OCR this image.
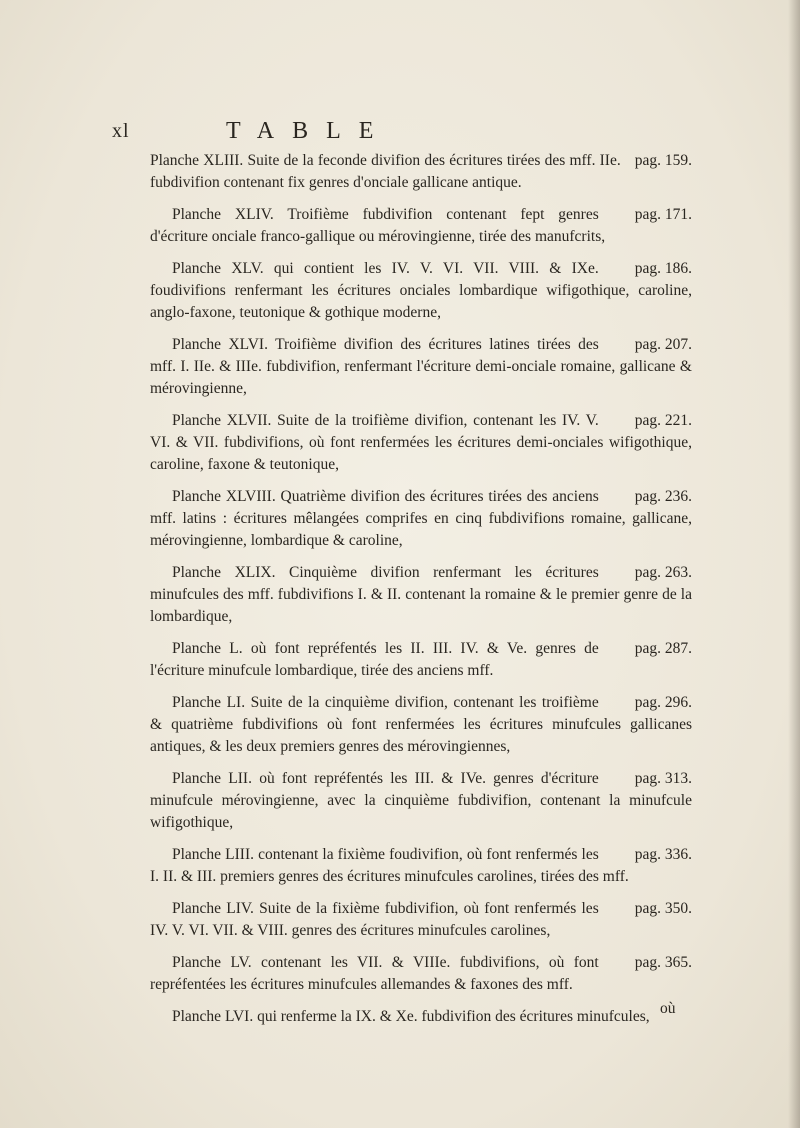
xl	TABLE

pag. 159.
Planche XLIII. Suite de la feconde divifion des écritures tirées des mff. IIe. fubdivifion contenant fix genres d'onciale gallicane antique.

pag. 171.
Planche XLIV. Troifième fubdivifion contenant fept genres d'écriture onciale franco-gallique ou mérovingienne, tirée des manufcrits,

pag. 186.
Planche XLV. qui contient les IV. V. VI. VII. VIII. & IXe. foudivifions renfermant les écritures onciales lombardique wifigothique, caroline, anglo-faxone, teutonique & gothique moderne,

pag. 207.
Planche XLVI. Troifième divifion des écritures latines tirées des mff. I. IIe. & IIIe. fubdivifion, renfermant l'écriture demi-onciale romaine, gallicane & mérovingienne,

pag. 221.
Planche XLVII. Suite de la troifième divifion, contenant les IV. V. VI. & VII. fubdivifions, où font renfermées les écritures demi-onciales wifigothique, caroline, faxone & teutonique,

pag. 236.
Planche XLVIII. Quatrième divifion des écritures tirées des anciens mff. latins : écritures mêlangées comprifes en cinq fubdivifions romaine, gallicane, mérovingienne, lombardique & caroline,

pag. 263.
Planche XLIX. Cinquième divifion renfermant les écritures minufcules des mff. fubdivifions I. & II. contenant la romaine & le premier genre de la lombardique,

pag. 287.
Planche L. où font repréfentés les II. III. IV. & Ve. genres de l'écriture minufcule lombardique, tirée des anciens mff.

pag. 296.
Planche LI. Suite de la cinquième divifion, contenant les troifième & quatrième fubdivifions où font renfermées les écritures minufcules gallicanes antiques, & les deux premiers genres des mérovingiennes,

pag. 313.
Planche LII. où font repréfentés les III. & IVe. genres d'écriture minufcule mérovingienne, avec la cinquième fubdivifion, contenant la minufcule wifigothique,

pag. 336.
Planche LIII. contenant la fixième foudivifion, où font renfermés les I. II. & III. premiers genres des écritures minufcules carolines, tirées des mff.

pag. 350.
Planche LIV. Suite de la fixième fubdivifion, où font renfermés les IV. V. VI. VII. & VIII. genres des écritures minufcules carolines,

pag. 365.
Planche LV. contenant les VII. & VIIIe. fubdivifions, où font repréfentées les écritures minufcules allemandes & faxones des mff.

Planche LVI. qui renferme la IX. & Xe. fubdivifion des écritures minufcules, où
